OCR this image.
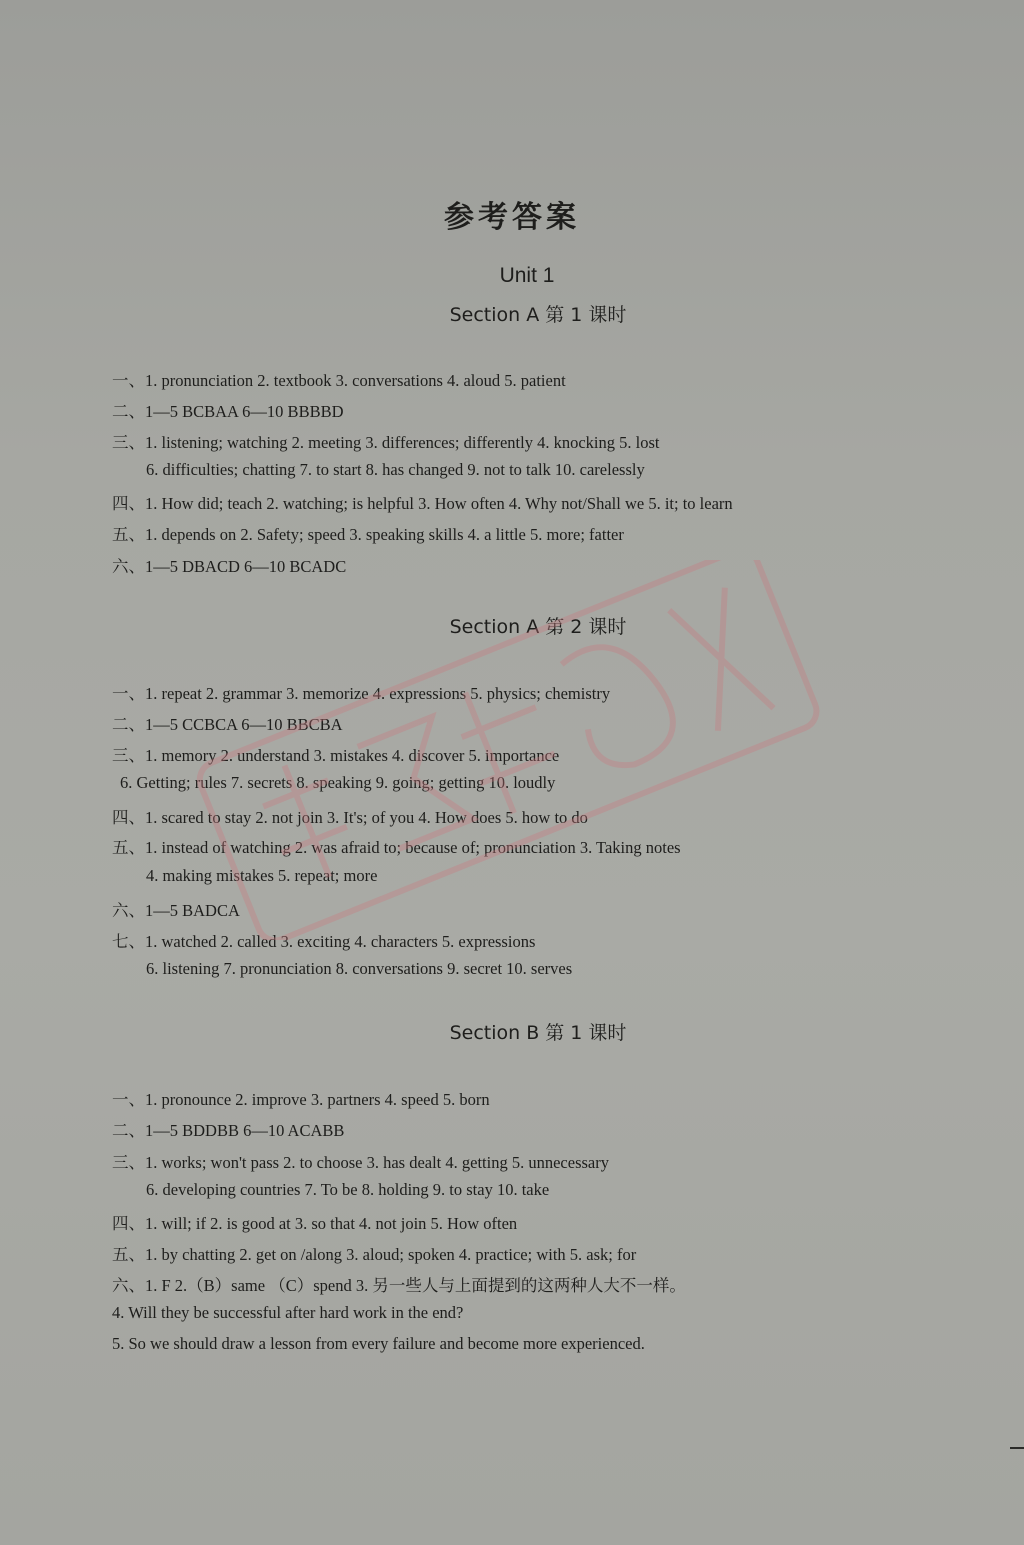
参考答案
Unit 1
Section A 第 1 课时
一、1. pronunciation 2. textbook 3. conversations 4. aloud 5. patient
二、1—5 BCBAA 6—10 BBBBD
三、1. listening; watching 2. meeting 3. differences; differently 4. knocking 5. lost
6. difficulties; chatting 7. to start 8. has changed 9. not to talk 10. carelessly
四、1. How did; teach 2. watching; is helpful 3. How often 4. Why not/Shall we 5. it; to learn
五、1. depends on 2. Safety; speed 3. speaking skills 4. a little 5. more; fatter
六、1—5 DBACD 6—10 BCADC
Section A 第 2 课时
一、1. repeat 2. grammar 3. memorize 4. expressions 5. physics; chemistry
二、1—5 CCBCA 6—10 BBCBA
三、1. memory 2. understand 3. mistakes 4. discover 5. importance
6. Getting; rules 7. secrets 8. speaking 9. going; getting 10. loudly
四、1. scared to stay 2. not join 3. It's; of you 4. How does 5. how to do
五、1. instead of watching 2. was afraid to; because of; pronunciation 3. Taking notes
4. making mistakes 5. repeat; more
六、1—5 BADCA
七、1. watched 2. called 3. exciting 4. characters 5. expressions
6. listening 7. pronunciation 8. conversations 9. secret 10. serves
Section B 第 1 课时
一、1. pronounce 2. improve 3. partners 4. speed 5. born
二、1—5 BDDBB 6—10 ACABB
三、1. works; won't pass 2. to choose 3. has dealt 4. getting 5. unnecessary
6. developing countries 7. To be 8. holding 9. to stay 10. take
四、1. will; if 2. is good at 3. so that 4. not join 5. How often
五、1. by chatting 2. get on /along 3. aloud; spoken 4. practice; with 5. ask; for
六、1. F 2.（B）same （C）spend 3. 另一些人与上面提到的这两种人大不一样。
4. Will they be successful after hard work in the end?
5. So we should draw a lesson from every failure and become more experienced.
